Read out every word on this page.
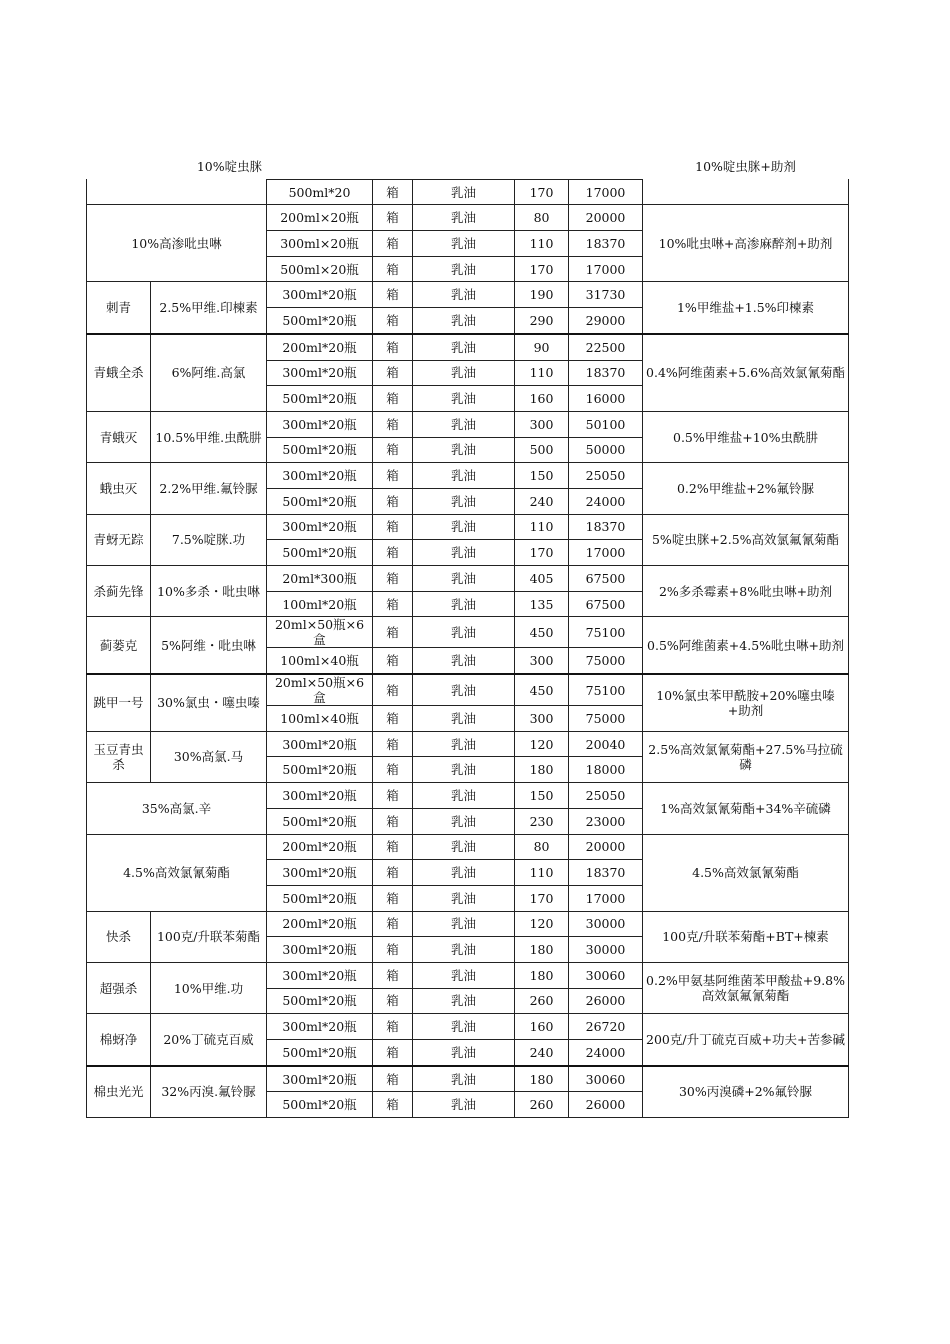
10%啶虫脒							10%啶虫脒+助剂
		500ml*20	箱	乳油	170	17000	
10%高渗吡虫啉		200ml×20瓶	箱	乳油	80	20000	10%吡虫啉+高渗麻醉剂+助剂
		300ml×20瓶	箱	乳油	110	18370	
		500ml×20瓶	箱	乳油	170	17000	
刺青	2.5%甲维.印楝素	300ml*20瓶	箱	乳油	190	31730	1%甲维盐+1.5%印楝素
		500ml*20瓶	箱	乳油	290	29000	
青蛾全杀	6%阿维.高氯	200ml*20瓶	箱	乳油	90	22500	0.4%阿维菌素+5.6%高效氯氰菊酯
		300ml*20瓶	箱	乳油	110	18370	
		500ml*20瓶	箱	乳油	160	16000	
青蛾灭	10.5%甲维.虫酰肼	300ml*20瓶	箱	乳油	300	50100	0.5%甲维盐+10%虫酰肼
		500ml*20瓶	箱	乳油	500	50000	
蛾虫灭	2.2%甲维.氟铃脲	300ml*20瓶	箱	乳油	150	25050	0.2%甲维盐+2%氟铃脲
		500ml*20瓶	箱	乳油	240	24000	
青蚜无踪	7.5%啶脒.功	300ml*20瓶	箱	乳油	110	18370	5%啶虫脒+2.5%高效氯氟氰菊酯
		500ml*20瓶	箱	乳油	170	17000	
杀蓟先锋	10%多杀・吡虫啉	20ml*300瓶	箱	乳油	405	67500	2%多杀霉素+8%吡虫啉+助剂
		100ml*20瓶	箱	乳油	135	67500	
蓟蒌克	5%阿维・吡虫啉	20ml×50瓶×6盒	箱	乳油	450	75100	0.5%阿维菌素+4.5%吡虫啉+助剂
		100ml×40瓶	箱	乳油	300	75000	
跳甲一号	30%氯虫・噻虫嗪	20ml×50瓶×6盒	箱	乳油	450	75100	10%氯虫苯甲酰胺+20%噻虫嗪+助剂
		100ml×40瓶	箱	乳油	300	75000	
玉豆青虫杀	30%高氯.马	300ml*20瓶	箱	乳油	120	20040	2.5%高效氯氰菊酯+27.5%马拉硫磷
		500ml*20瓶	箱	乳油	180	18000	
35%高氯.辛		300ml*20瓶	箱	乳油	150	25050	1%高效氯氰菊酯+34%辛硫磷
		500ml*20瓶	箱	乳油	230	23000	
4.5%高效氯氰菊酯		200ml*20瓶	箱	乳油	80	20000	4.5%高效氯氰菊酯
		300ml*20瓶	箱	乳油	110	18370	
		500ml*20瓶	箱	乳油	170	17000	
快杀	100克/升联苯菊酯	200ml*20瓶	箱	乳油	120	30000	100克/升联苯菊酯+BT+楝素
		300ml*20瓶	箱	乳油	180	30000	
超强杀	10%甲维.功	300ml*20瓶	箱	乳油	180	30060	0.2%甲氨基阿维菌苯甲酸盐+9.8%高效氯氟氰菊酯
		500ml*20瓶	箱	乳油	260	26000	
棉蚜净	20%丁硫克百威	300ml*20瓶	箱	乳油	160	26720	200克/升丁硫克百威+功夫+苦参碱
		500ml*20瓶	箱	乳油	240	24000	
棉虫光光	32%丙溴.氟铃脲	300ml*20瓶	箱	乳油	180	30060	30%丙溴磷+2%氟铃脲
		500ml*20瓶	箱	乳油	260	26000	
